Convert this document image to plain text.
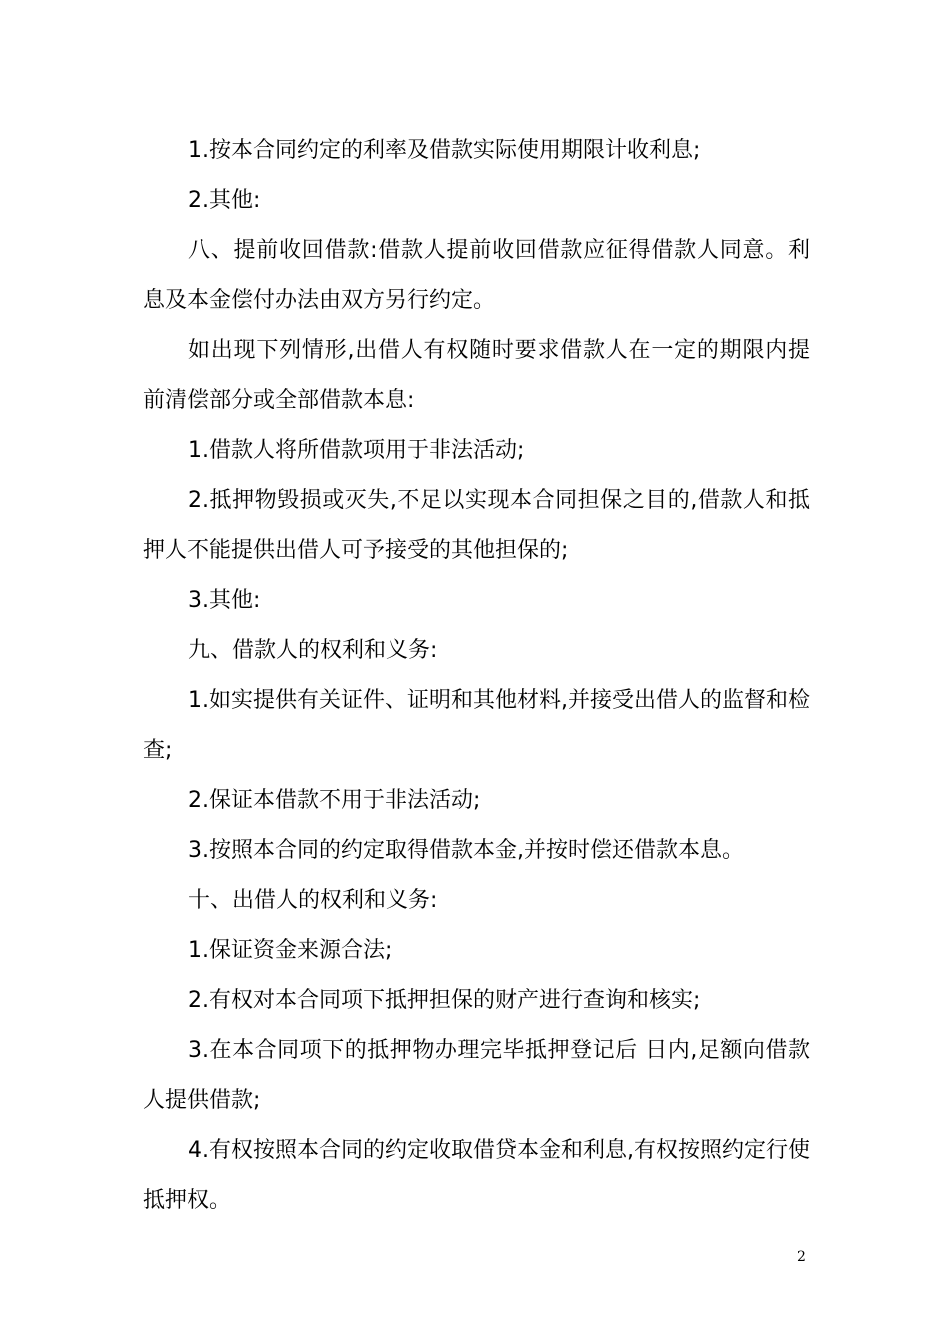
1.按本合同约定的利率及借款实际使用期限计收利息;

2.其他:

八、提前收回借款:借款人提前收回借款应征得借款人同意。利息及本金偿付办法由双方另行约定。

如出现下列情形,出借人有权随时要求借款人在一定的期限内提前清偿部分或全部借款本息:

1.借款人将所借款项用于非法活动;

2.抵押物毁损或灭失,不足以实现本合同担保之目的,借款人和抵押人不能提供出借人可予接受的其他担保的;

3.其他:

九、借款人的权利和义务:

1.如实提供有关证件、证明和其他材料,并接受出借人的监督和检查;

2.保证本借款不用于非法活动;

3.按照本合同的约定取得借款本金,并按时偿还借款本息。

十、出借人的权利和义务:

1.保证资金来源合法;

2.有权对本合同项下抵押担保的财产进行查询和核实;

3.在本合同项下的抵押物办理完毕抵押登记后 日内,足额向借款人提供借款;

4.有权按照本合同的约定收取借贷本金和利息,有权按照约定行使抵押权。

2
